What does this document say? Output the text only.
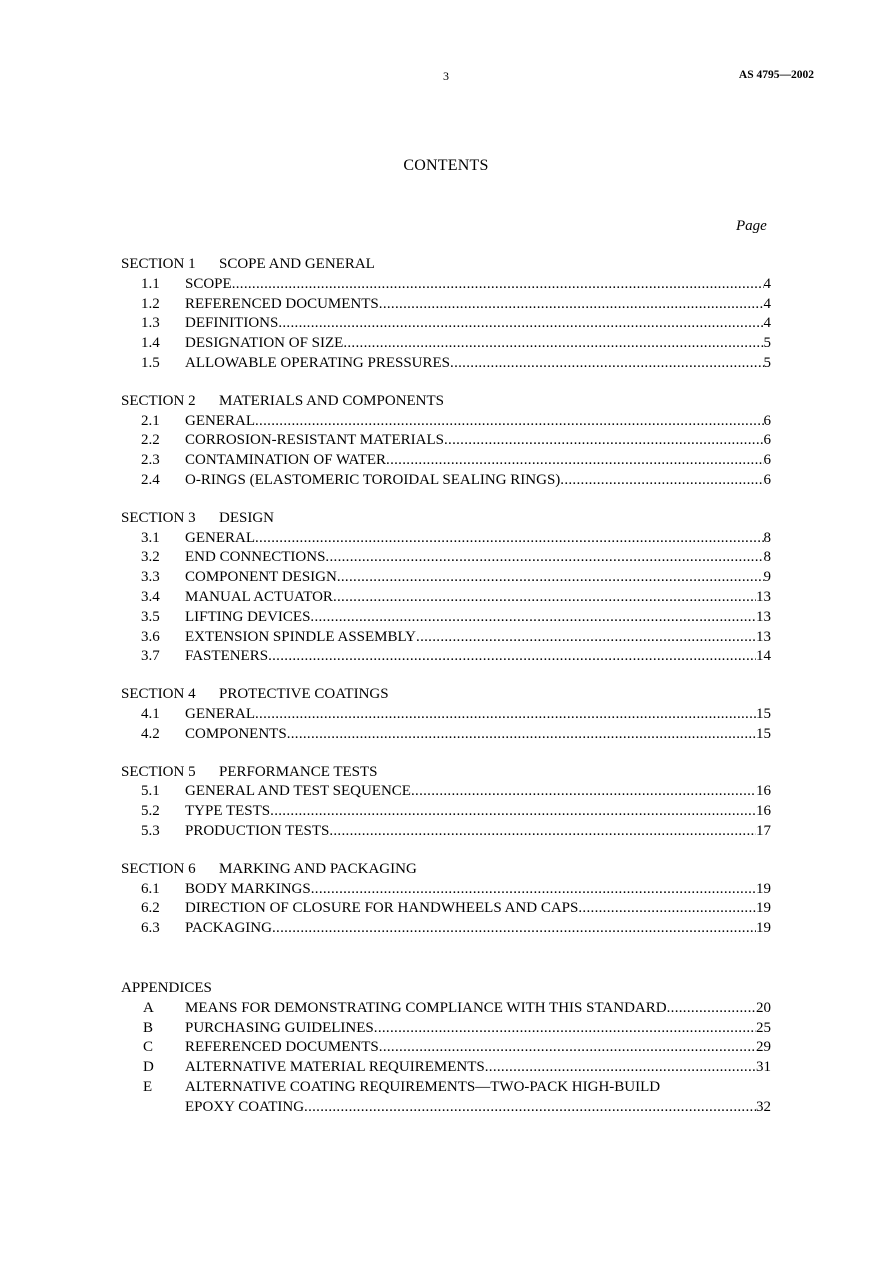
3	AS 4795—2002
CONTENTS
Page
SECTION 1 SCOPE AND GENERAL
1.1	SCOPE .....	4
1.2	REFERENCED DOCUMENTS .....	4
1.3	DEFINITIONS .....	4
1.4	DESIGNATION OF SIZE .....	5
1.5	ALLOWABLE OPERATING PRESSURES .....	5
SECTION 2 MATERIALS AND COMPONENTS
2.1	GENERAL .....	6
2.2	CORROSION-RESISTANT MATERIALS .....	6
2.3	CONTAMINATION OF WATER .....	6
2.4	O-RINGS (ELASTOMERIC TOROIDAL SEALING RINGS) .....	6
SECTION 3 DESIGN
3.1	GENERAL .....	8
3.2	END CONNECTIONS .....	8
3.3	COMPONENT DESIGN .....	9
3.4	MANUAL ACTUATOR .....	13
3.5	LIFTING DEVICES .....	13
3.6	EXTENSION SPINDLE ASSEMBLY .....	13
3.7	FASTENERS .....	14
SECTION 4 PROTECTIVE COATINGS
4.1	GENERAL .....	15
4.2	COMPONENTS .....	15
SECTION 5 PERFORMANCE TESTS
5.1	GENERAL AND TEST SEQUENCE .....	16
5.2	TYPE TESTS .....	16
5.3	PRODUCTION TESTS .....	17
SECTION 6 MARKING AND PACKAGING
6.1	BODY MARKINGS .....	19
6.2	DIRECTION OF CLOSURE FOR HANDWHEELS AND CAPS .....	19
6.3	PACKAGING .....	19
APPENDICES
A	MEANS FOR DEMONSTRATING COMPLIANCE WITH THIS STANDARD .....	20
B	PURCHASING GUIDELINES .....	25
C	REFERENCED DOCUMENTS .....	29
D	ALTERNATIVE MATERIAL REQUIREMENTS .....	31
E	ALTERNATIVE COATING REQUIREMENTS—TWO-PACK HIGH-BUILD
EPOXY COATING .....	32
